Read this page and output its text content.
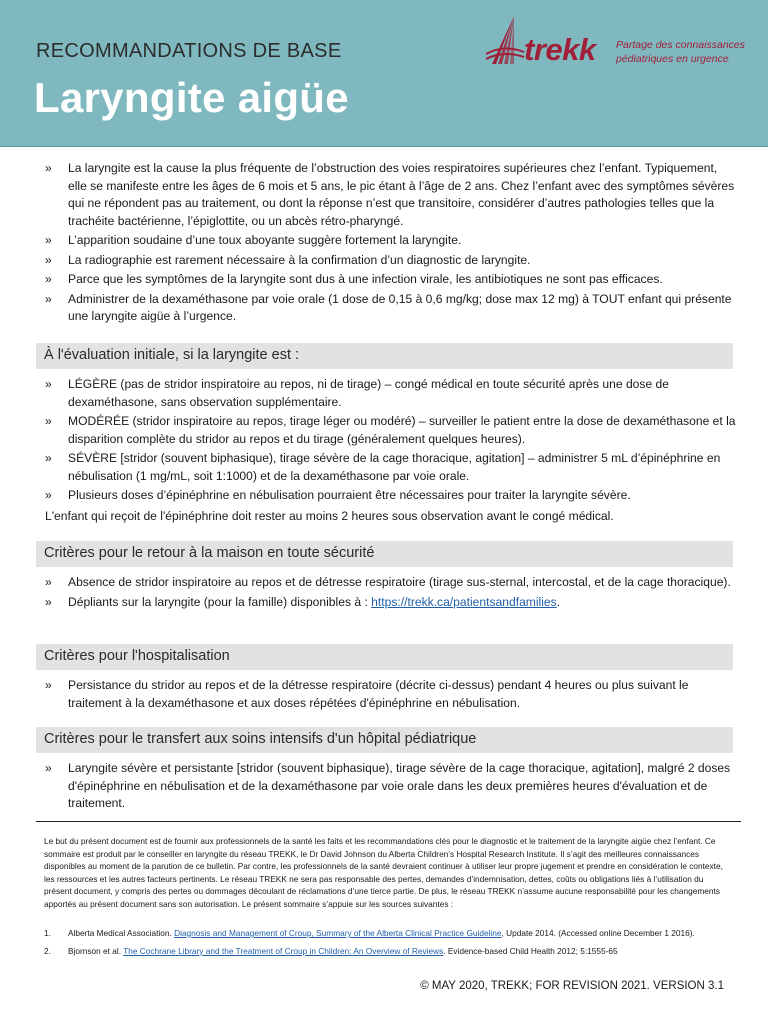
RECOMMANDATIONS DE BASE
Laryngite aigüe
trekk Partage des connaissances
pédiatriques en urgence
» La laryngite est la cause la plus fréquente de l’obstruction des voies respiratoires supérieures chez l’enfant. Typiquement, elle se manifeste entre les âges de 6 mois et 5 ans, le pic étant à l’âge de 2 ans. Chez l’enfant avec des symptômes sévères qui ne répondent pas au traitement, ou dont la réponse n’est que transitoire, considérer d’autres pathologies telles que la trachéite bactérienne, l’épiglottite, ou un abcès rétro-pharyngé.
» L’apparition soudaine d’une toux aboyante suggère fortement la laryngite.
» La radiographie est rarement nécessaire à la confirmation d’un diagnostic de laryngite.
» Parce que les symptômes de la laryngite sont dus à une infection virale, les antibiotiques ne sont pas efficaces.
» Administrer de la dexaméthasone par voie orale (1 dose de 0,15 à 0,6 mg/kg; dose max 12 mg) à TOUT enfant qui présente une laryngite aigüe à l’urgence.
À l'évaluation initiale, si la laryngite est :
» LÉGÈRE (pas de stridor inspiratoire au repos, ni de tirage) – congé médical en toute sécurité après une dose de dexaméthasone, sans observation supplémentaire.
» MODÉRÉE (stridor inspiratoire au repos, tirage léger ou modéré) – surveiller le patient entre la dose de dexaméthasone et la disparition complète du stridor au repos et du tirage (généralement quelques heures).
» SÉVÈRE [stridor (souvent biphasique), tirage sévère de la cage thoracique, agitation] – administrer 5 mL d’épinéphrine en nébulisation (1 mg/mL, soit 1:1000) et de la dexaméthasone par voie orale.
» Plusieurs doses d’épinéphrine en nébulisation pourraient être nécessaires pour traiter la laryngite sévère.
L'enfant qui reçoit de l'épinéphrine doit rester au moins 2 heures sous observation avant le congé médical.
Critères pour le retour à la maison en toute sécurité
» Absence de stridor inspiratoire au repos et de détresse respiratoire (tirage sus-sternal, intercostal, et de la cage thoracique).
» Dépliants sur la laryngite (pour la famille) disponibles à : https://trekk.ca/patientsandfamilies.
Critères pour l'hospitalisation
» Persistance du stridor au repos et de la détresse respiratoire (décrite ci-dessus) pendant 4 heures ou plus suivant le traitement à la dexaméthasone et aux doses répétées d'épinéphrine en nébulisation.
Critères pour le transfert aux soins intensifs d'un hôpital pédiatrique
» Laryngite sévère et persistante [stridor (souvent biphasique), tirage sévère de la cage thoracique, agitation], malgré 2 doses d'épinéphrine en nébulisation et de la dexaméthasone par voie orale dans les deux premières heures d'évaluation et de traitement.
Le but du présent document est de fournir aux professionnels de la santé les faits et les recommandations clés pour le diagnostic et le traitement de la laryngite aigüe chez l’enfant. Ce sommaire est produit par le conseiller en laryngite du réseau TREKK, le Dr David Johnson du Alberta Children’s Hospital Research Institute. Il s’agit des meilleures connaissances disponibles au moment de la parution de ce bulletin. Par contre, les professionnels de la santé devraient continuer à utiliser leur propre jugement et prendre en considération le contexte, les ressources et les autres facteurs pertinents. Le réseau TREKK ne sera pas responsable des pertes, demandes d’indemnisation, dettes, coûts ou obligations liés à l’utilisation du présent document, y compris des pertes ou dommages découlant de réclamations d’une tierce partie. De plus, le réseau TREKK n’assume aucune responsabilité pour les changements apportés au présent document sans son autorisation. Le présent sommaire s’appuie sur les sources suivantes :
1. Alberta Medical Association. Diagnosis and Management of Croup, Summary of the Alberta Clinical Practice Guideline, Update 2014. (Accessed online December 1 2016).
2. Bjornson et al. The Cochrane Library and the Treatment of Croup in Children: An Overview of Reviews. Evidence-based Child Health 2012; 5:1555-65
© MAY 2020, TREKK; FOR REVISION 2021. VERSION 3.1
